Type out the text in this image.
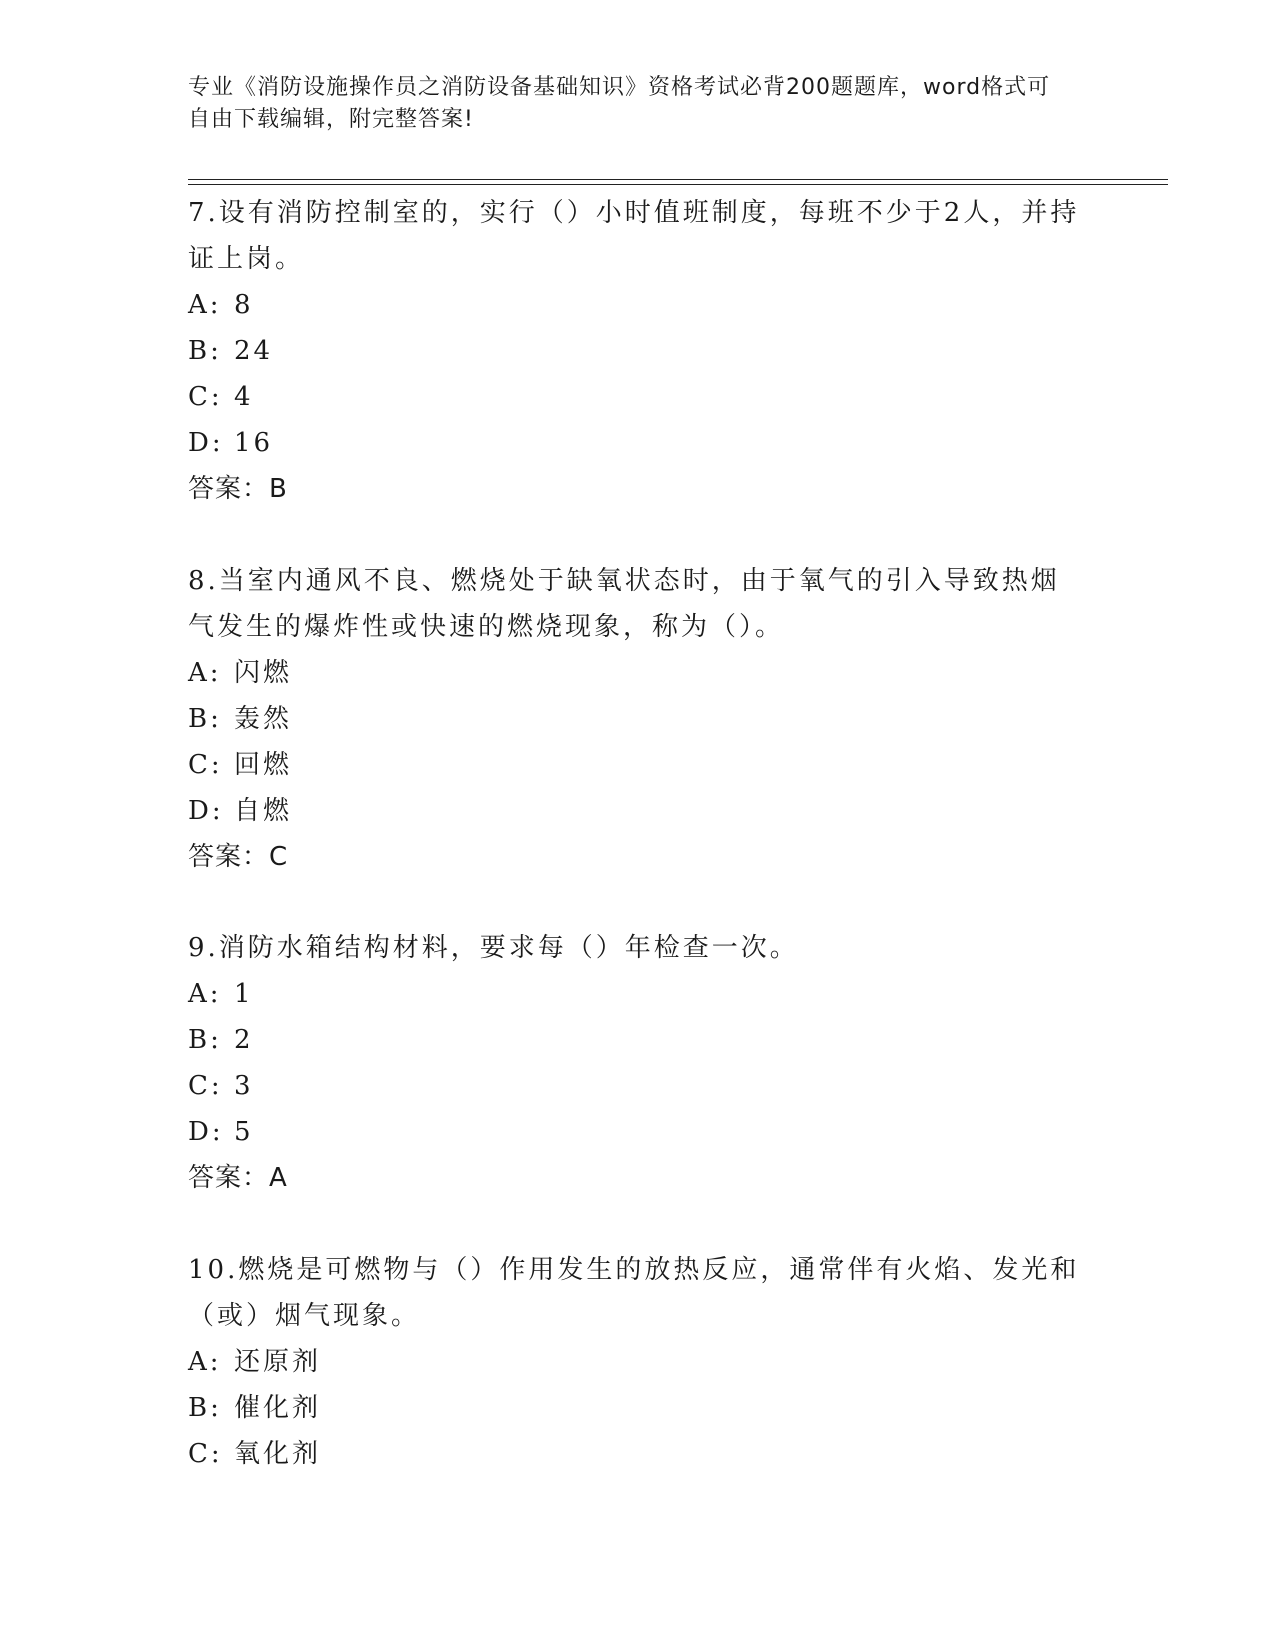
专业《消防设施操作员之消防设备基础知识》资格考试必背200题题库，word格式可自由下载编辑，附完整答案!

7.设有消防控制室的，实行（）小时值班制度，每班不少于2人，并持证上岗。

A: 8

B: 24

C: 4

D: 16

答案：B

8.当室内通风不良、燃烧处于缺氧状态时，由于氧气的引入导致热烟气发生的爆炸性或快速的燃烧现象，称为（）。

A: 闪燃

B: 轰然

C: 回燃

D: 自燃

答案：C

9.消防水箱结构材料，要求每（）年检查一次。

A: 1

B: 2

C: 3

D: 5

答案：A

10.燃烧是可燃物与（）作用发生的放热反应，通常伴有火焰、发光和（或）烟气现象。

A: 还原剂

B: 催化剂

C: 氧化剂
